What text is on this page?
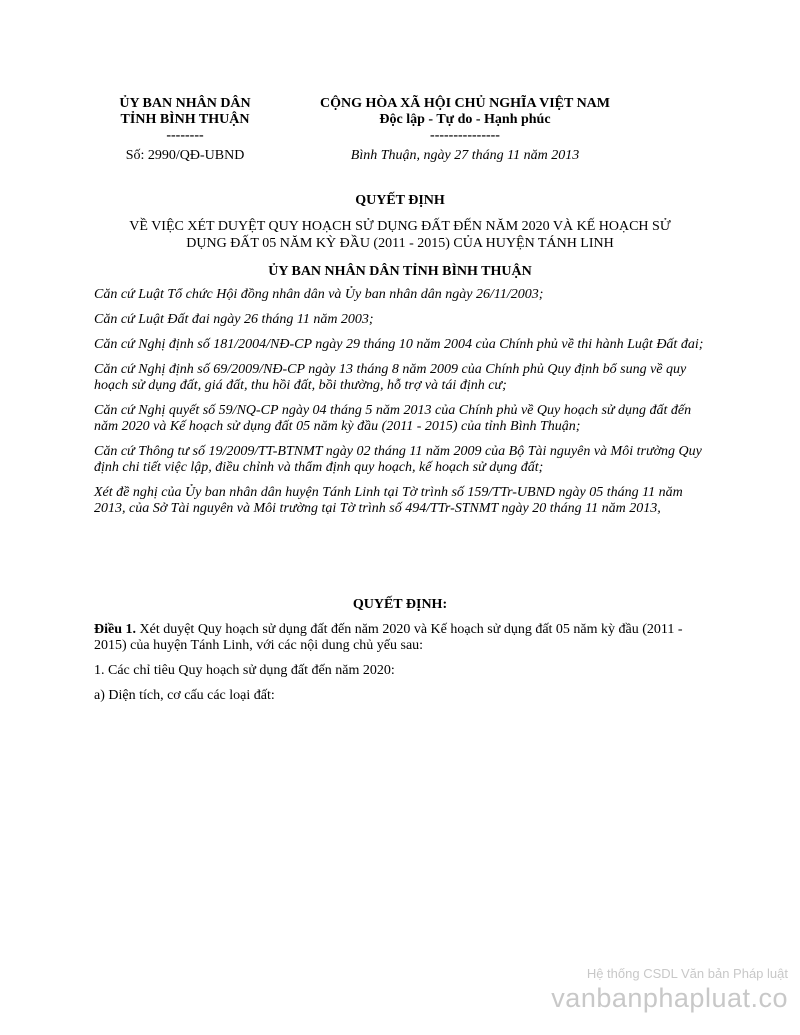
ỦY BAN NHÂN DÂN
TỈNH BÌNH THUẬN
--------
Số: 2990/QĐ-UBND
CỘNG HÒA XÃ HỘI CHỦ NGHĨA VIỆT NAM
Độc lập - Tự do - Hạnh phúc
---------------
Bình Thuận, ngày 27 tháng 11 năm 2013
QUYẾT ĐỊNH
VỀ VIỆC XÉT DUYỆT QUY HOẠCH SỬ DỤNG ĐẤT ĐẾN NĂM 2020 VÀ KẾ HOẠCH SỬ
DỤNG ĐẤT 05 NĂM KỲ ĐẦU (2011 - 2015) CỦA HUYỆN TÁNH LINH
ỦY BAN NHÂN DÂN TỈNH BÌNH THUẬN

Căn cứ Luật Tổ chức Hội đồng nhân dân và Ủy ban nhân dân ngày 26/11/2003;

Căn cứ Luật Đất đai ngày 26 tháng 11 năm 2003;

Căn cứ Nghị định số 181/2004/NĐ-CP ngày 29 tháng 10 năm 2004 của Chính phủ về thi hành Luật Đất đai;

Căn cứ Nghị định số 69/2009/NĐ-CP ngày 13 tháng 8 năm 2009 của Chính phủ Quy định bổ sung về quy hoạch sử dụng đất, giá đất, thu hồi đất, bồi thường, hỗ trợ và tái định cư;

Căn cứ Nghị quyết số 59/NQ-CP ngày 04 tháng 5 năm 2013 của Chính phủ về Quy hoạch sử dụng đất đến năm 2020 và Kế hoạch sử dụng đất 05 năm kỳ đầu (2011 - 2015) của tỉnh Bình Thuận;

Căn cứ Thông tư số 19/2009/TT-BTNMT ngày 02 tháng 11 năm 2009 của Bộ Tài nguyên và Môi trường Quy định chi tiết việc lập, điều chỉnh và thẩm định quy hoạch, kế hoạch sử dụng đất;

Xét đề nghị của Ủy ban nhân dân huyện Tánh Linh tại Tờ trình số 159/TTr-UBND ngày 05 tháng 11 năm 2013, của Sở Tài nguyên và Môi trường tại Tờ trình số 494/TTr-STNMT ngày 20 tháng 11 năm 2013,

QUYẾT ĐỊNH:

Điều 1. Xét duyệt Quy hoạch sử dụng đất đến năm 2020 và Kế hoạch sử dụng đất 05 năm kỳ đầu (2011 - 2015) của huyện Tánh Linh, với các nội dung chủ yếu sau:

1. Các chỉ tiêu Quy hoạch sử dụng đất đến năm 2020:

a) Diện tích, cơ cấu các loại đất:

Hệ thống CSDL Văn bản Pháp luật
vanbanphapluat.co
